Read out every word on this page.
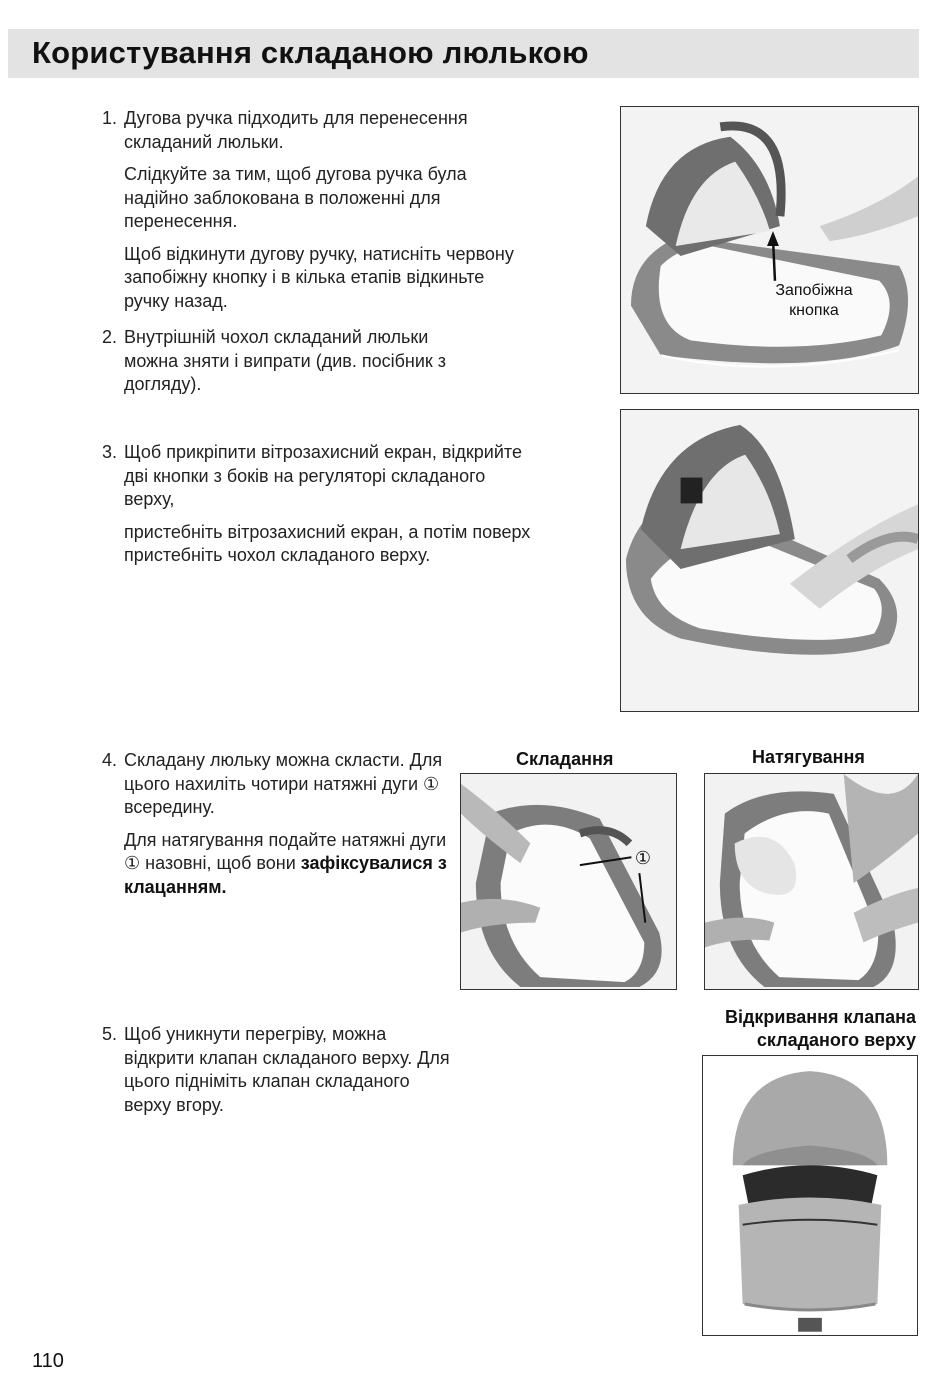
Користування складаною люлькою
1. Дугова ручка підходить для перенесення складаний люльки.

Слідкуйте за тим, щоб дугова ручка була надійно заблокована в положенні для перенесення.

Щоб відкинути дугову ручку, натисніть червону запобіжну кнопку і в кілька етапів відкиньте ручку назад.

2. Внутрішній чохол складаний люльки можна зняти і випрати (див. посібник з догляду).

3. Щоб прикріпити вітрозахисний екран, відкрийте дві кнопки з боків на регуляторі складаного верху,

пристебніть вітрозахисний екран, а потім поверх пристебніть чохол складаного верху.

4. Складану люльку можна скласти. Для цього нахиліть чотири натяжні дуги ① всередину.

Для натягування подайте натяжні дуги ① назовні, щоб вони зафіксувалися з клацанням.

5. Щоб уникнути перегріву, можна відкрити клапан складаного верху. Для цього підніміть клапан складаного верху вгору.

Запобіжна кнопка
Складання
①
Натягування
Відкривання клапана
складаного верху
110
